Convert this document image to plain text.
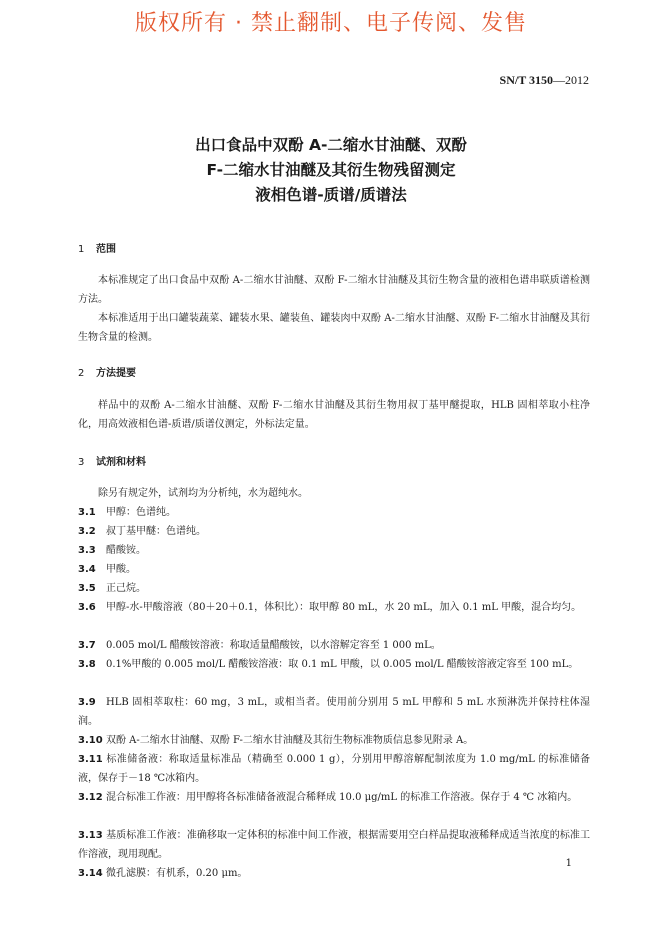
版权所有 · 禁止翻制、电子传阅、发售
SN/T 3150—2012
出口食品中双酚 A-二缩水甘油醚、双酚
F-二缩水甘油醚及其衍生物残留测定
液相色谱-质谱/质谱法
1 范围
本标准规定了出口食品中双酚 A-二缩水甘油醚、双酚 F-二缩水甘油醚及其衍生物含量的液相色谱串联质谱检测方法。
本标准适用于出口罐装蔬菜、罐装水果、罐装鱼、罐装肉中双酚 A-二缩水甘油醚、双酚 F-二缩水甘油醚及其衍生物含量的检测。
2 方法提要
样品中的双酚 A-二缩水甘油醚、双酚 F-二缩水甘油醚及其衍生物用叔丁基甲醚提取，HLB 固相萃取小柱净化，用高效液相色谱-质谱/质谱仪测定，外标法定量。
3 试剂和材料
除另有规定外，试剂均为分析纯，水为超纯水。
3.1 甲醇：色谱纯。
3.2 叔丁基甲醚：色谱纯。
3.3 醋酸铵。
3.4 甲酸。
3.5 正己烷。
3.6 甲醇-水-甲酸溶液（80＋20＋0.1，体积比）：取甲醇 80 mL，水 20 mL，加入 0.1 mL 甲酸，混合均匀。
3.7 0.005 mol/L 醋酸铵溶液：称取适量醋酸铵，以水溶解定容至 1 000 mL。
3.8 0.1%甲酸的 0.005 mol/L 醋酸铵溶液：取 0.1 mL 甲酸，以 0.005 mol/L 醋酸铵溶液定容至 100 mL。
3.9 HLB 固相萃取柱：60 mg，3 mL，或相当者。使用前分别用 5 mL 甲醇和 5 mL 水预淋洗并保持柱体湿润。
3.10 双酚 A-二缩水甘油醚、双酚 F-二缩水甘油醚及其衍生物标准物质信息参见附录 A。
3.11 标准储备液：称取适量标准品（精确至 0.000 1 g），分别用甲醇溶解配制浓度为 1.0 mg/mL 的标准储备液，保存于－18 ℃冰箱内。
3.12 混合标准工作液：用甲醇将各标准储备液混合稀释成 10.0 μg/mL 的标准工作溶液。保存于 4 ℃ 冰箱内。
3.13 基质标准工作液：准确移取一定体积的标准中间工作液，根据需要用空白样品提取液稀释成适当浓度的标准工作溶液，现用现配。
3.14 微孔滤膜：有机系，0.20 μm。
1
